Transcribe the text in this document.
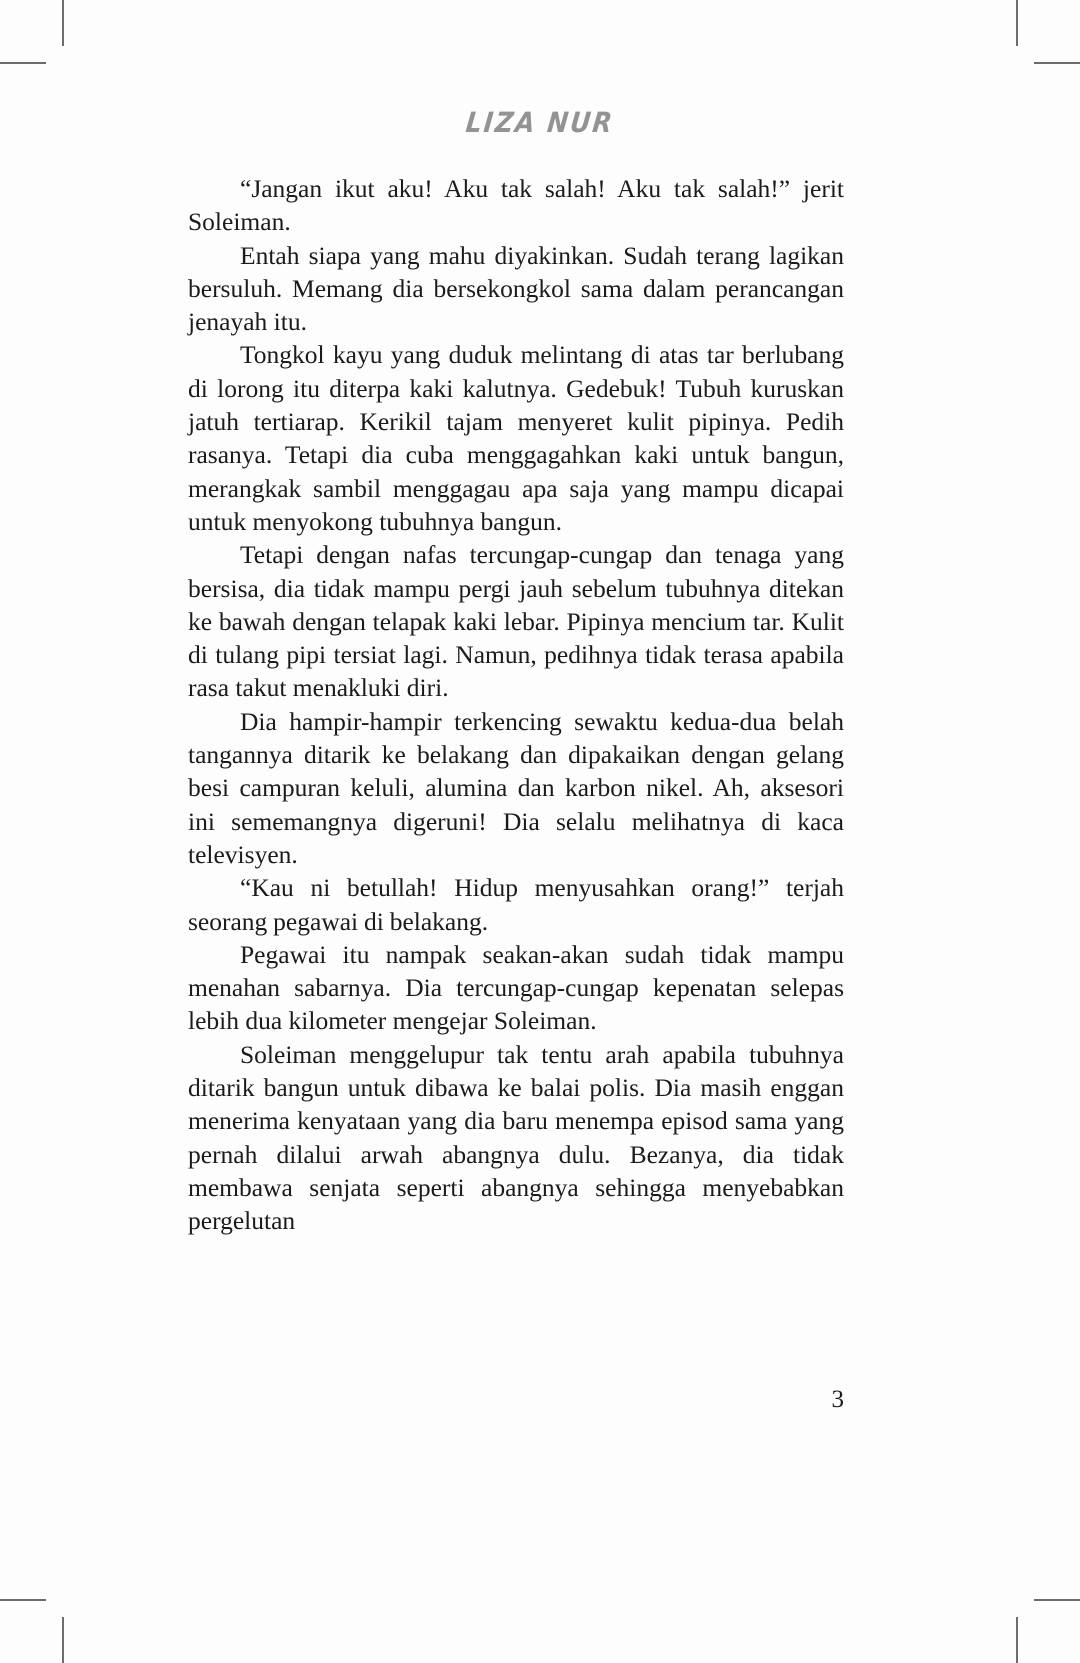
LIZA NUR

“Jangan ikut aku! Aku tak salah! Aku tak salah!” jerit Soleiman.

Entah siapa yang mahu diyakinkan. Sudah terang lagikan bersuluh. Memang dia bersekongkol sama dalam perancangan jenayah itu.

Tongkol kayu yang duduk melintang di atas tar berlubang di lorong itu diterpa kaki kalutnya. Gedebuk! Tubuh kuruskan jatuh tertiarap. Kerikil tajam menyeret kulit pipinya. Pedih rasanya. Tetapi dia cuba menggagahkan kaki untuk bangun, merangkak sambil menggagau apa saja yang mampu dicapai untuk menyokong tubuhnya bangun.

Tetapi dengan nafas tercungap-cungap dan tenaga yang bersisa, dia tidak mampu pergi jauh sebelum tubuhnya ditekan ke bawah dengan telapak kaki lebar. Pipinya mencium tar. Kulit di tulang pipi tersiat lagi. Namun, pedihnya tidak terasa apabila rasa takut menakluki diri.

Dia hampir-hampir terkencing sewaktu kedua-dua belah tangannya ditarik ke belakang dan dipakaikan dengan gelang besi campuran keluli, alumina dan karbon nikel. Ah, aksesori ini sememangnya digeruni! Dia selalu melihatnya di kaca televisyen.

“Kau ni betullah! Hidup menyusahkan orang!” terjah seorang pegawai di belakang.

Pegawai itu nampak seakan-akan sudah tidak mampu menahan sabarnya. Dia tercungap-cungap kepenatan selepas lebih dua kilometer mengejar Soleiman.

Soleiman menggelupur tak tentu arah apabila tubuhnya ditarik bangun untuk dibawa ke balai polis. Dia masih enggan menerima kenyataan yang dia baru menempa episod sama yang pernah dilalui arwah abangnya dulu. Bezanya, dia tidak membawa senjata seperti abangnya sehingga menyebabkan pergelutan

3
